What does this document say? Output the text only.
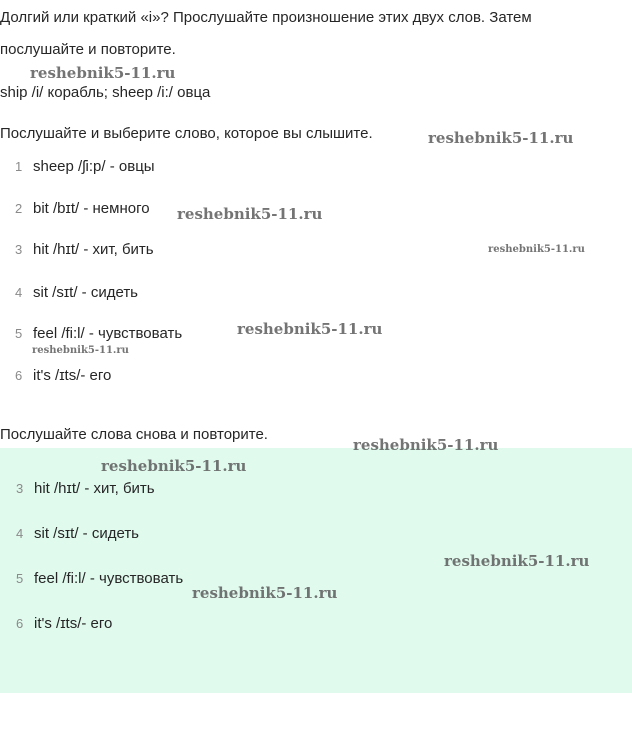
Долгий или краткий «i»? Прослушайте произношение этих двух слов. Затем
послушайте и повторите.
ship /i/ корабль; sheep /i:/ овца
Послушайте и выберите слово, которое вы слышите.
1 sheep /ʃi:p/ - овцы
2 bit /bɪt/ - немного
3 hit /hɪt/ - хит, бить
4 sit /sɪt/ - сидеть
5 feel /fi:l/ - чувствовать
6 it's /ɪts/- его
Послушайте слова снова и повторите.
3 hit /hɪt/ - хит, бить
4 sit /sɪt/ - сидеть
5 feel /fi:l/ - чувствовать
6 it's /ɪts/- его
reshebnik5-11.ru
reshebnik5-11.ru
reshebnik5-11.ru
reshebnik5-11.ru
reshebnik5-11.ru
reshebnik5-11.ru
reshebnik5-11.ru
reshebnik5-11.ru
reshebnik5-11.ru
reshebnik5-11.ru
